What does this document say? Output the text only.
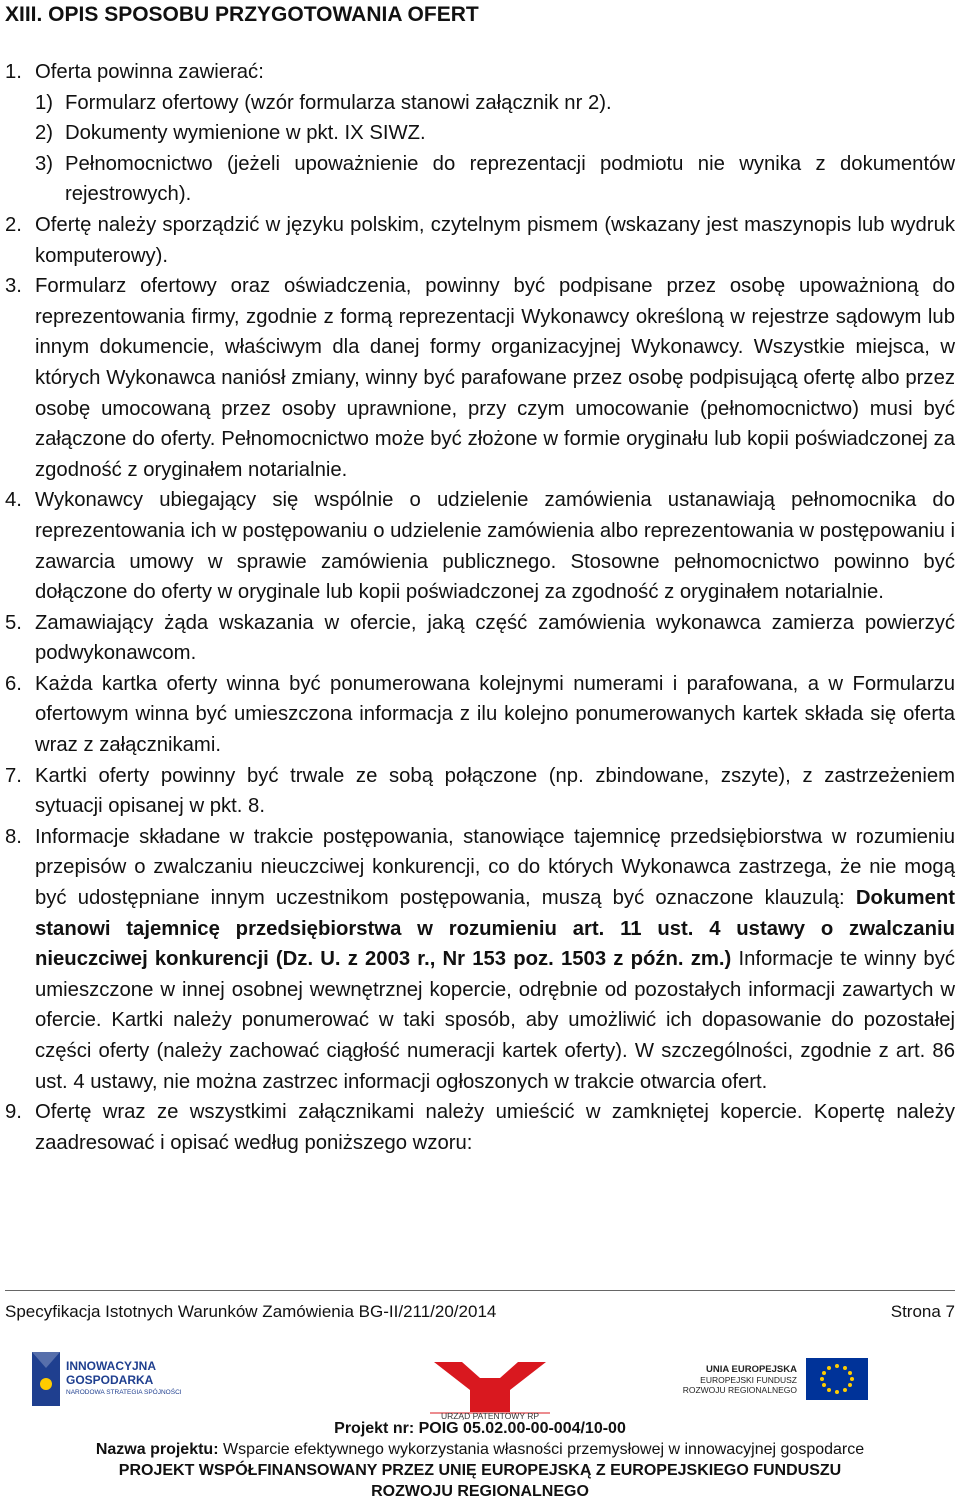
XIII. OPIS SPOSOBU PRZYGOTOWANIA OFERT
1. Oferta powinna zawierać:

1) Formularz ofertowy (wzór formularza stanowi załącznik nr 2).

2) Dokumenty wymienione w pkt. IX SIWZ.

3) Pełnomocnictwo (jeżeli upoważnienie do reprezentacji podmiotu nie wynika z dokumentów rejestrowych).

2. Ofertę należy sporządzić w języku polskim, czytelnym pismem (wskazany jest maszynopis lub wydruk komputerowy).

3. Formularz ofertowy oraz oświadczenia, powinny być podpisane przez osobę upoważnioną do reprezentowania firmy, zgodnie z formą reprezentacji Wykonawcy określoną w rejestrze sądowym lub innym dokumencie, właściwym dla danej formy organizacyjnej Wykonawcy. Wszystkie miejsca, w których Wykonawca naniósł zmiany, winny być parafowane przez osobę podpisującą ofertę albo przez osobę umocowaną przez osoby uprawnione, przy czym umocowanie (pełnomocnictwo) musi być załączone do oferty. Pełnomocnictwo może być złożone w formie oryginału lub kopii poświadczonej za zgodność z oryginałem notarialnie.

4. Wykonawcy ubiegający się wspólnie o udzielenie zamówienia ustanawiają pełnomocnika do reprezentowania ich w postępowaniu o udzielenie zamówienia albo reprezentowania w postępowaniu i zawarcia umowy w sprawie zamówienia publicznego. Stosowne pełnomocnictwo powinno być dołączone do oferty w oryginale lub kopii poświadczonej za zgodność z oryginałem notarialnie.

5. Zamawiający żąda wskazania w ofercie, jaką część zamówienia wykonawca zamierza powierzyć podwykonawcom.

6. Każda kartka oferty winna być ponumerowana kolejnymi numerami i parafowana, a w Formularzu ofertowym winna być umieszczona informacja z ilu kolejno ponumerowanych kartek składa się oferta wraz z załącznikami.

7. Kartki oferty powinny być trwale ze sobą połączone (np. zbindowane, zszyte), z zastrzeżeniem sytuacji opisanej w pkt. 8.

8. Informacje składane w trakcie postępowania, stanowiące tajemnicę przedsiębiorstwa w rozumieniu przepisów o zwalczaniu nieuczciwej konkurencji, co do których Wykonawca zastrzega, że nie mogą być udostępniane innym uczestnikom postępowania, muszą być oznaczone klauzulą: Dokument stanowi tajemnicę przedsiębiorstwa w rozumieniu art. 11 ust. 4 ustawy o zwalczaniu nieuczciwej konkurencji (Dz. U. z 2003 r., Nr 153 poz. 1503 z późn. zm.) Informacje te winny być umieszczone w innej osobnej wewnętrznej kopercie, odrębnie od pozostałych informacji zawartych w ofercie. Kartki należy ponumerować w taki sposób, aby umożliwić ich dopasowanie do pozostałej części oferty (należy zachować ciągłość numeracji kartek oferty). W szczególności, zgodnie z art. 86 ust. 4 ustawy, nie można zastrzec informacji ogłoszonych w trakcie otwarcia ofert.

9. Ofertę wraz ze wszystkimi załącznikami należy umieścić w zamkniętej kopercie. Kopertę należy zaadresować i opisać według poniższego wzoru:

Specyfikacja Istotnych Warunków Zamówienia BG-II/211/20/2014	Strona 7
INNOWACYJNA
GOSPODARKA
NARODOWA STRATEGIA SPÓJNOŚCI
URZĄD PATENTOWY RP
UNIA EUROPEJSKA
EUROPEJSKI FUNDUSZ
ROZWOJU REGIONALNEGO
Projekt nr: POIG 05.02.00-00-004/10-00
Nazwa projektu: Wsparcie efektywnego wykorzystania własności przemysłowej w innowacyjnej gospodarce
PROJEKT WSPÓŁFINANSOWANY PRZEZ UNIĘ EUROPEJSKĄ Z EUROPEJSKIEGO FUNDUSZU
ROZWOJU REGIONALNEGO
